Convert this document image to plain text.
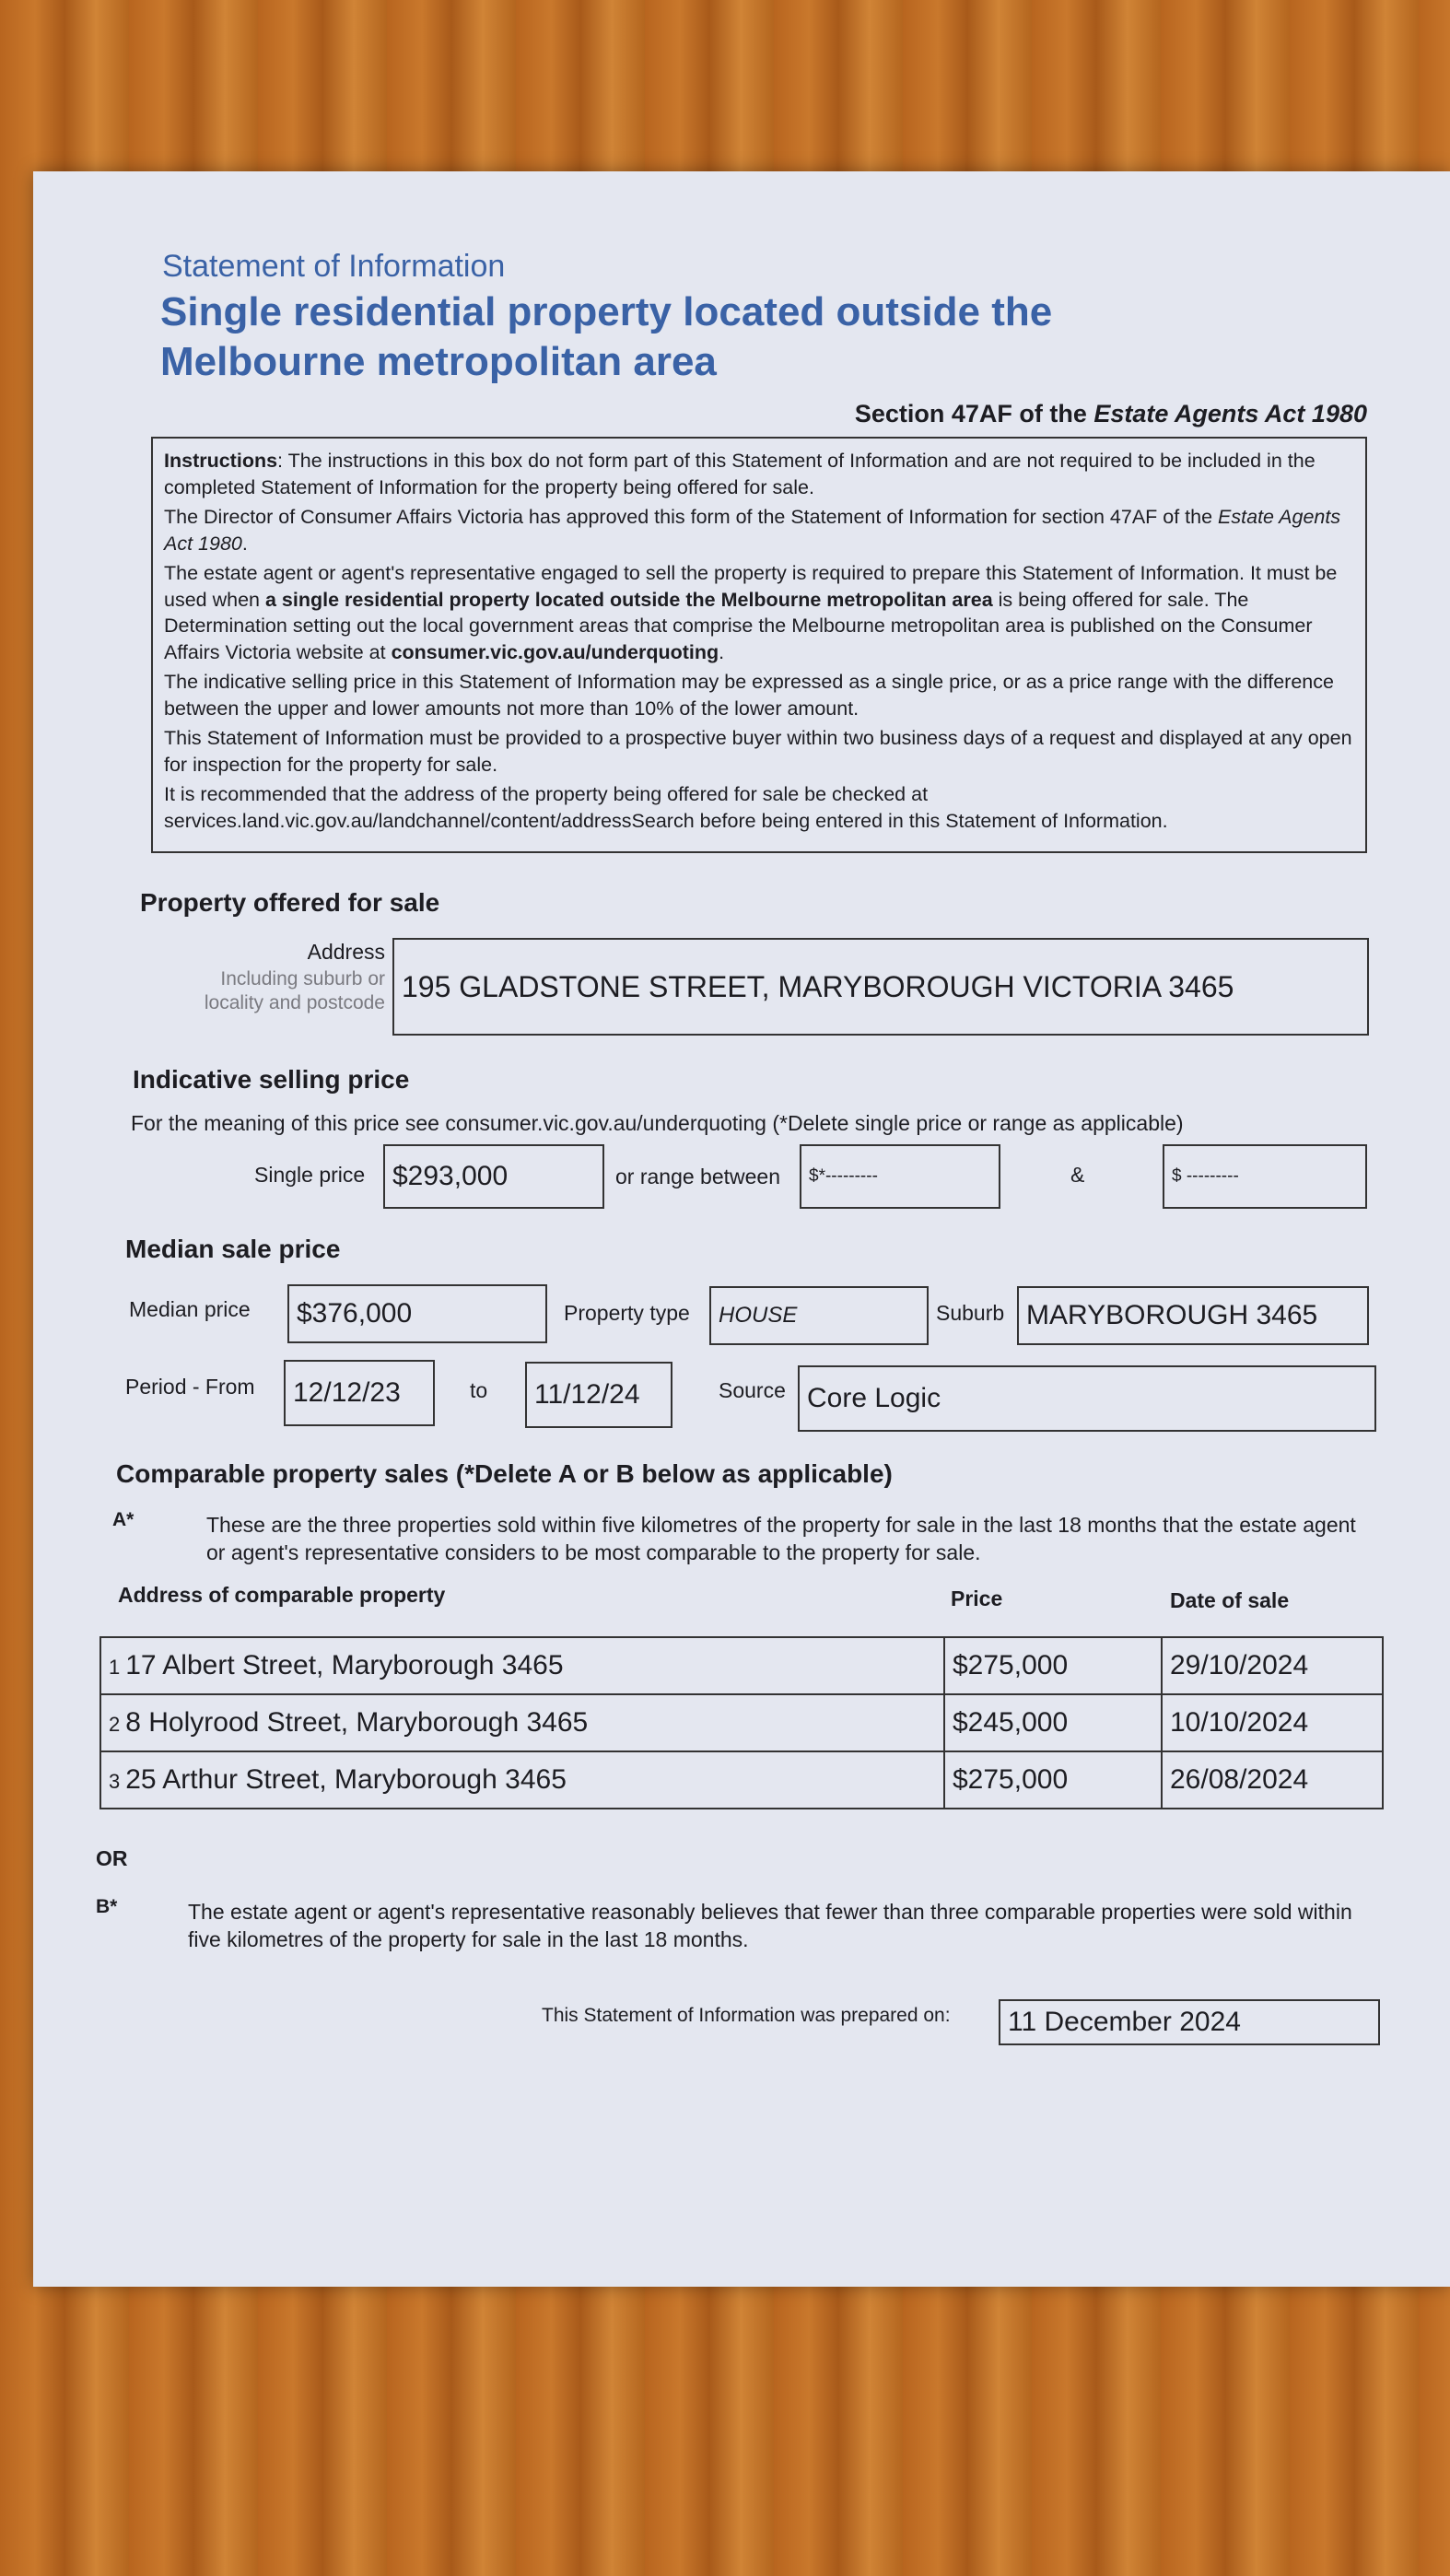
Statement of Information
Single residential property located outside the Melbourne metropolitan area
Section 47AF of the Estate Agents Act 1980

Instructions: The instructions in this box do not form part of this Statement of Information and are not required to be included in the completed Statement of Information for the property being offered for sale.

The Director of Consumer Affairs Victoria has approved this form of the Statement of Information for section 47AF of the Estate Agents Act 1980.

The estate agent or agent's representative engaged to sell the property is required to prepare this Statement of Information. It must be used when a single residential property located outside the Melbourne metropolitan area is being offered for sale. The Determination setting out the local government areas that comprise the Melbourne metropolitan area is published on the Consumer Affairs Victoria website at consumer.vic.gov.au/underquoting.

The indicative selling price in this Statement of Information may be expressed as a single price, or as a price range with the difference between the upper and lower amounts not more than 10% of the lower amount.

This Statement of Information must be provided to a prospective buyer within two business days of a request and displayed at any open for inspection for the property for sale.

It is recommended that the address of the property being offered for sale be checked at services.land.vic.gov.au/landchannel/content/addressSearch before being entered in this Statement of Information.

Property offered for sale
Address
Including suburb or
locality and postcode 195 GLADSTONE STREET, MARYBOROUGH VICTORIA 3465
Indicative selling price
For the meaning of this price see consumer.vic.gov.au/underquoting (*Delete single price or range as applicable)
Single price $293,000	or range between	$*---------	&	$ ---------
Median sale price
Median price	$376,000	Property type	HOUSE	Suburb MARYBOROUGH 3465
Period - From	12/12/23	to	11/12/24	Source Core Logic
Comparable property sales (*Delete A or B below as applicable)
A*	These are the three properties sold within five kilometres of the property for sale in the last 18 months that the estate agent or agent's representative considers to be most comparable to the property for sale.
Address of comparable property	Price	Date of sale
1 17 Albert Street, Maryborough 3465	$275,000	29/10/2024
2 8 Holyrood Street, Maryborough 3465	$245,000	10/10/2024
3 25 Arthur Street, Maryborough 3465	$275,000	26/08/2024
OR
B*	The estate agent or agent's representative reasonably believes that fewer than three comparable properties were sold within five kilometres of the property for sale in the last 18 months.
This Statement of Information was prepared on:	11 December 2024
